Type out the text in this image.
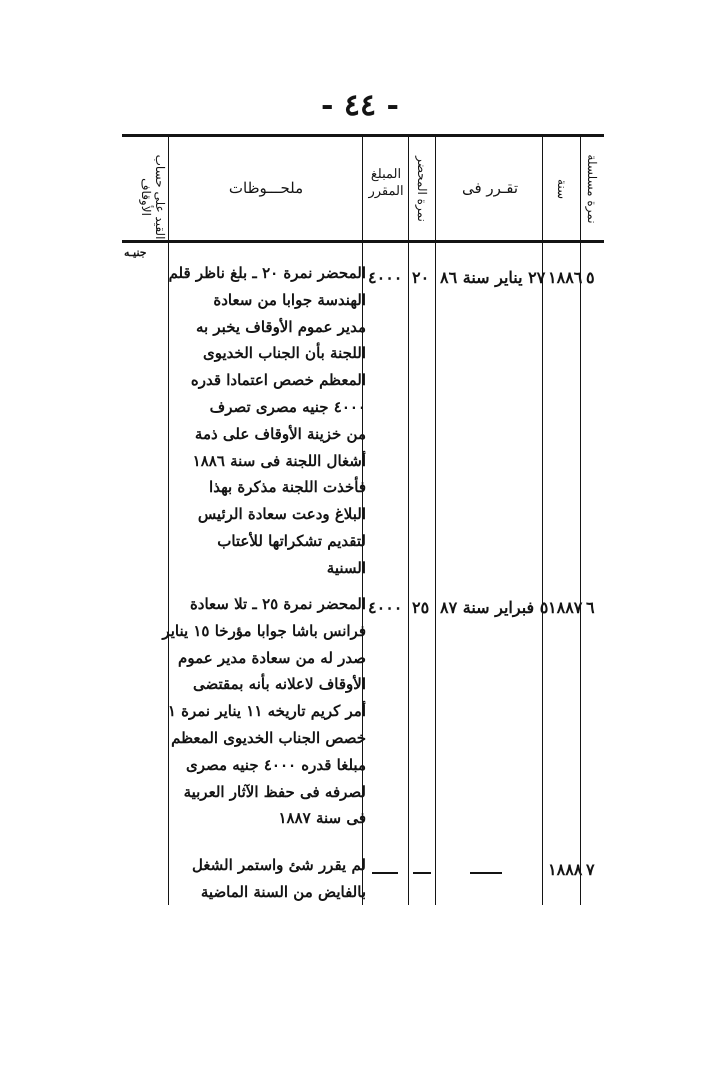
- ٤٤ -
نمرة مسلسلة
سنة
تقـرر فى
نمرة المحضر
المبلغ المقرر
ملحـــوظات
القيد على حساب الأوقاف
جنيـه
٥
١٨٨٦
٢٧ يناير سنة ٨٦
٢٠
٤٠٠٠
المحضر نمرة ٢٠ ـ بلغ ناظر قلم
الهندسة جوابا من سعادة
مدير عموم الأوقاف يخبر به
اللجنة بأن الجناب الخديوى
المعظم خصص اعتمادا قدره
٤٠٠٠ جنيه مصرى تصرف
من خزينة الأوقاف على ذمة
أشغال اللجنة فى سنة ١٨٨٦
فأخذت اللجنة مذكرة بهذا
البلاغ ودعت سعادة الرئيس
لتقديم تشكراتها للأعتاب
السنية
٦
١٨٨٧
٥ فبراير سنة ٨٧
٢٥
٤٠٠٠
المحضر نمرة ٢٥ ـ تلا سعادة
فرانس باشا جوابا مؤرخا ١٥ يناير
صدر له من سعادة مدير عموم
الأوقاف لاعلانه بأنه بمقتضى
أمر كريم تاريخه ١١ يناير نمرة ١
خصص الجناب الخديوى المعظم
مبلغا قدره ٤٠٠٠ جنيه مصرى
لصرفه فى حفظ الآثار العربية
فى سنة ١٨٨٧
٧
١٨٨٨
لم يقرر شئ واستمر الشغل
بالفايض من السنة الماضية
